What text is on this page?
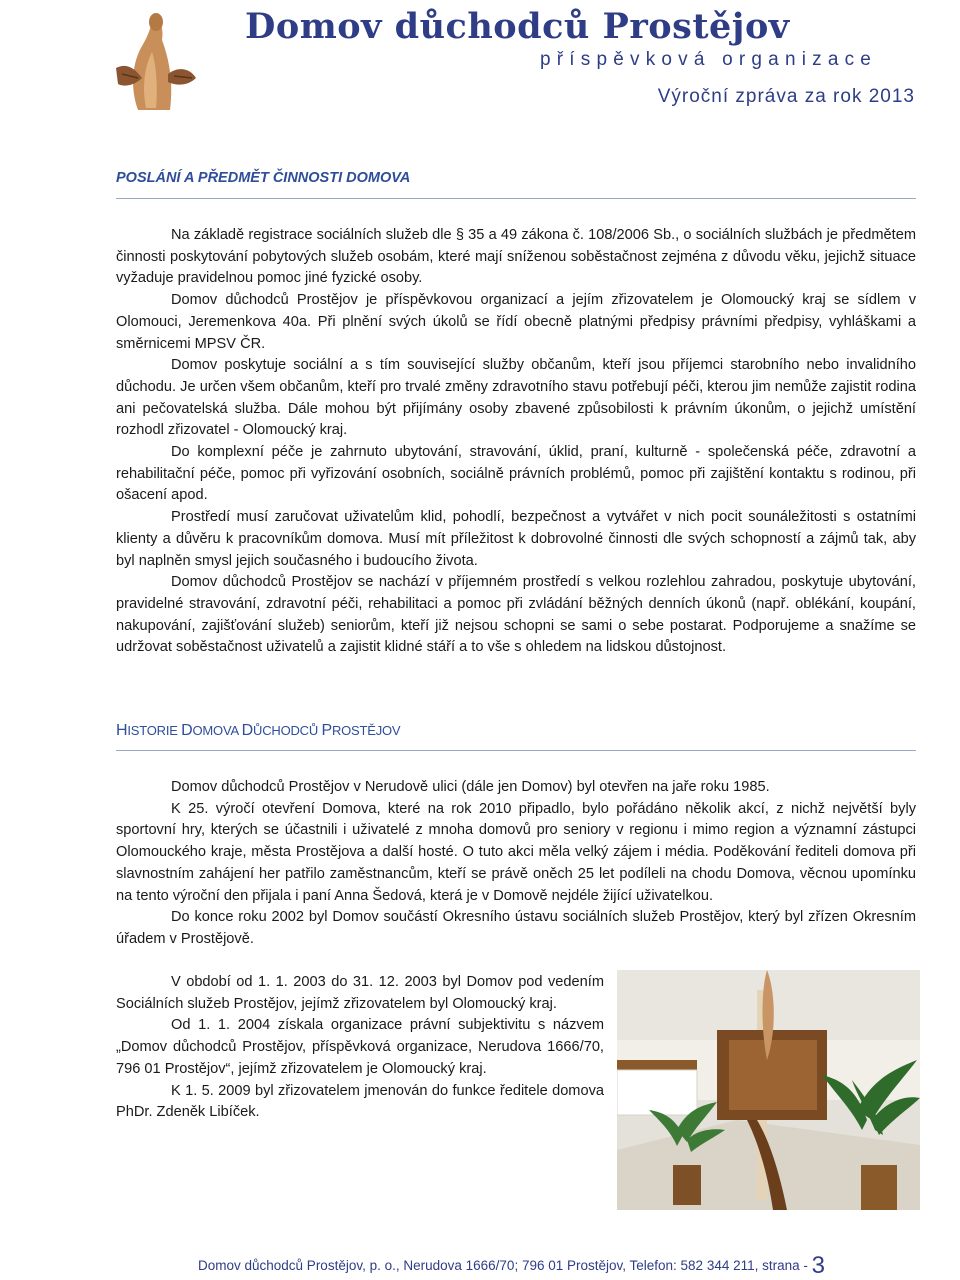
Domov důchodců Prostějov
příspěvková organizace
Výroční zpráva za rok 2013
POSLÁNÍ A PŘEDMĚT ČINNOSTI DOMOVA

Na základě registrace sociálních služeb dle § 35 a 49 zákona č. 108/2006 Sb., o sociálních službách je předmětem činnosti poskytování pobytových služeb osobám, které mají sníženou soběstačnost zejména z důvodu věku, jejichž situace vyžaduje pravidelnou pomoc jiné fyzické osoby.

Domov důchodců Prostějov je příspěvkovou organizací a jejím zřizovatelem je Olomoucký kraj se sídlem v Olomouci, Jeremenkova 40a. Při plnění svých úkolů se řídí obecně platnými předpisy právními předpisy, vyhláškami a směrnicemi MPSV ČR.

Domov poskytuje sociální a s tím související služby občanům, kteří jsou příjemci starobního nebo invalidního důchodu. Je určen všem občanům, kteří pro trvalé změny zdravotního stavu potřebují péči, kterou jim nemůže zajistit rodina ani pečovatelská služba. Dále mohou být přijímány osoby zbavené způsobilosti k právním úkonům, o jejichž umístění rozhodl zřizovatel - Olomoucký kraj.

Do komplexní péče je zahrnuto ubytování, stravování, úklid, praní, kulturně - společenská péče, zdravotní a rehabilitační péče, pomoc při vyřizování osobních, sociálně právních problémů, pomoc při zajištění kontaktu s rodinou, při ošacení apod.

Prostředí musí zaručovat uživatelům klid, pohodlí, bezpečnost a vytvářet v nich pocit sounáležitosti s ostatními klienty a důvěru k pracovníkům domova. Musí mít příležitost k dobrovolné činnosti dle svých schopností a zájmů tak, aby byl naplněn smysl jejich současného i budoucího života.

Domov důchodců Prostějov se nachází v příjemném prostředí s velkou rozlehlou zahradou, poskytuje ubytování, pravidelné stravování, zdravotní péči, rehabilitaci a pomoc při zvládání běžných denních úkonů (např. oblékání, koupání, nakupování, zajišťování služeb) seniorům, kteří již nejsou schopni se sami o sebe postarat. Podporujeme a snažíme se udržovat soběstačnost uživatelů a zajistit klidné stáří a to vše s ohledem na lidskou důstojnost.

HISTORIE DOMOVA DŮCHODCŮ PROSTĚJOV

Domov důchodců Prostějov v Nerudově ulici (dále jen Domov) byl otevřen na jaře roku 1985.

K 25. výročí otevření Domova, které na rok 2010 připadlo, bylo pořádáno několik akcí, z nichž největší byly sportovní hry, kterých se účastnili i uživatelé z mnoha domovů pro seniory v regionu i mimo region a významní zástupci Olomouckého kraje, města Prostějova a další hosté. O tuto akci měla velký zájem i média. Poděkování řediteli domova při slavnostním zahájení her patřilo zaměstnancům, kteří se právě oněch 25 let podíleli na chodu Domova, věcnou upomínku na tento výroční den přijala i paní Anna Šedová, která je v Domově nejdéle žijící uživatelkou.

Do konce roku 2002 byl Domov součástí Okresního ústavu sociálních služeb Prostějov, který byl zřízen Okresním úřadem v Prostějově.

V období od 1. 1. 2003 do 31. 12. 2003 byl Domov pod vedením Sociálních služeb Prostějov, jejímž zřizovatelem byl Olomoucký kraj.

Od 1. 1. 2004 získala organizace právní subjektivitu s názvem „Domov důchodců Prostějov, příspěvková organizace, Nerudova 1666/70, 796 01 Prostějov“, jejímž zřizovatelem je Olomoucký kraj.

K 1. 5. 2009 byl zřizovatelem jmenován do funkce ředitele domova PhDr. Zdeněk Libíček.

Domov důchodců Prostějov, p. o., Nerudova 1666/70; 796 01 Prostějov, Telefon: 582 344 211, strana - 3
